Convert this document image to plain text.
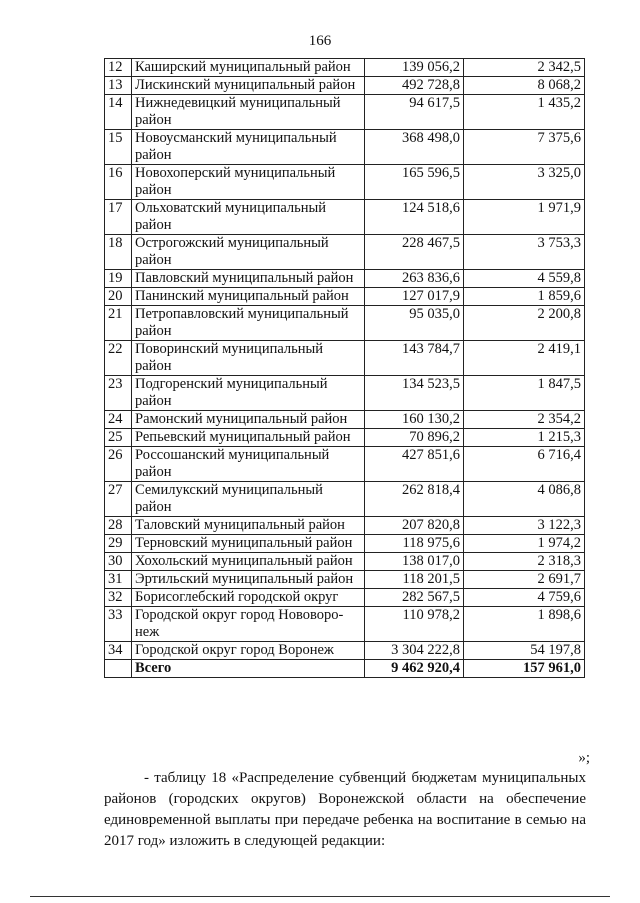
166
12	Каширский муниципальный район	139 056,2	2 342,5
13	Лискинский муниципальный район	492 728,8	8 068,2
14	Нижнедевицкий муниципальный район	94 617,5	1 435,2
15	Новоусманский муниципальный район	368 498,0	7 375,6
16	Новохоперский муниципальный район	165 596,5	3 325,0
17	Ольховатский муниципальный район	124 518,6	1 971,9
18	Острогожский муниципальный район	228 467,5	3 753,3
19	Павловский муниципальный район	263 836,6	4 559,8
20	Панинский муниципальный район	127 017,9	1 859,6
21	Петропавловский муниципальный район	95 035,0	2 200,8
22	Поворинский муниципальный район	143 784,7	2 419,1
23	Подгоренский муниципальный район	134 523,5	1 847,5
24	Рамонский муниципальный район	160 130,2	2 354,2
25	Репьевский муниципальный район	70 896,2	1 215,3
26	Россошанский муниципальный район	427 851,6	6 716,4
27	Семилукский муниципальный район	262 818,4	4 086,8
28	Таловский муниципальный район	207 820,8	3 122,3
29	Терновский муниципальный район	118 975,6	1 974,2
30	Хохольский муниципальный район	138 017,0	2 318,3
31	Эртильский муниципальный район	118 201,5	2 691,7
32	Борисоглебский городской округ	282 567,5	4 759,6
33	Городской округ город Нововоро-
неж	110 978,2	1 898,6
34	Городской округ город Воронеж	3 304 222,8	54 197,8
	Всего	9 462 920,4	157 961,0
»;
- таблицу 18 «Распределение субвенций бюджетам муниципальных районов (городских округов) Воронежской области на обеспечение единовременной выплаты при передаче ребенка на воспитание в семью на 2017 год» изложить в следующей редакции:
